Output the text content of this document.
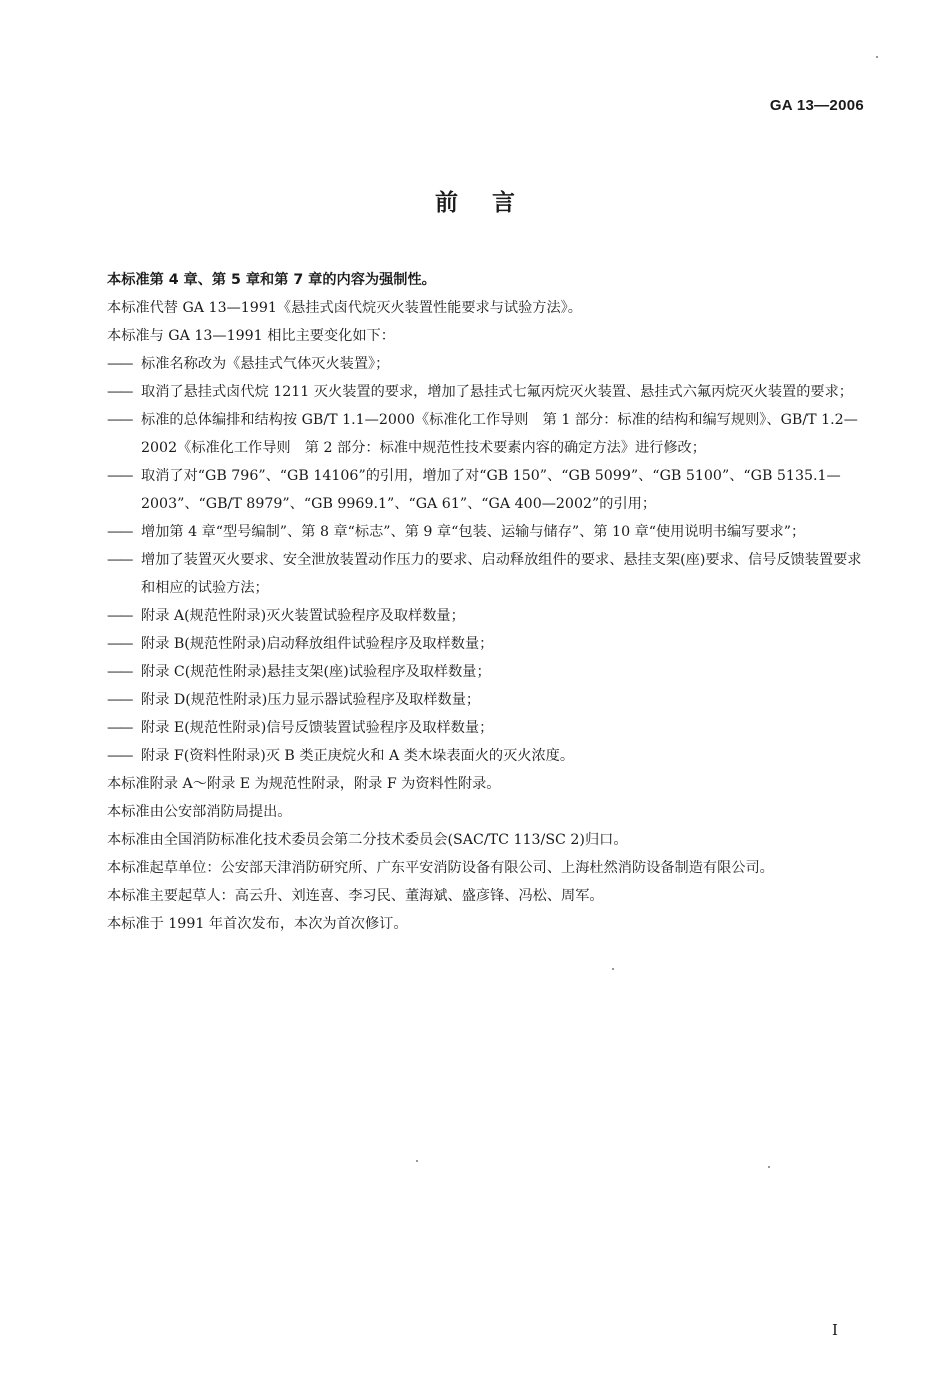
GA 13—2006
前言

本标准第 4 章、第 5 章和第 7 章的内容为强制性。

本标准代替 GA 13—1991《悬挂式卤代烷灭火装置性能要求与试验方法》。

本标准与 GA 13—1991 相比主要变化如下：

—— 标准名称改为《悬挂式气体灭火装置》；

—— 取消了悬挂式卤代烷 1211 灭火装置的要求，增加了悬挂式七氟丙烷灭火装置、悬挂式六氟丙烷灭火装置的要求；

—— 标准的总体编排和结构按 GB/T 1.1—2000《标准化工作导则　第 1 部分：标准的结构和编写规则》、GB/T 1.2—2002《标准化工作导则　第 2 部分：标准中规范性技术要素内容的确定方法》进行修改；

—— 取消了对“GB 796”、“GB 14106”的引用，增加了对“GB 150”、“GB 5099”、“GB 5100”、“GB 5135.1—2003”、“GB/T 8979”、“GB 9969.1”、“GA 61”、“GA 400—2002”的引用；

—— 增加第 4 章“型号编制”、第 8 章“标志”、第 9 章“包装、运输与储存”、第 10 章“使用说明书编写要求”；

—— 增加了装置灭火要求、安全泄放装置动作压力的要求、启动释放组件的要求、悬挂支架(座)要求、信号反馈装置要求和相应的试验方法；

—— 附录 A(规范性附录)灭火装置试验程序及取样数量；

—— 附录 B(规范性附录)启动释放组件试验程序及取样数量；

—— 附录 C(规范性附录)悬挂支架(座)试验程序及取样数量；

—— 附录 D(规范性附录)压力显示器试验程序及取样数量；

—— 附录 E(规范性附录)信号反馈装置试验程序及取样数量；

—— 附录 F(资料性附录)灭 B 类正庚烷火和 A 类木垛表面火的灭火浓度。

本标准附录 A～附录 E 为规范性附录，附录 F 为资料性附录。

本标准由公安部消防局提出。

本标准由全国消防标准化技术委员会第二分技术委员会(SAC/TC 113/SC 2)归口。

本标准起草单位：公安部天津消防研究所、广东平安消防设备有限公司、上海杜然消防设备制造有限公司。

本标准主要起草人：高云升、刘连喜、李习民、董海斌、盛彦锋、冯松、周军。

本标准于 1991 年首次发布，本次为首次修订。

I
